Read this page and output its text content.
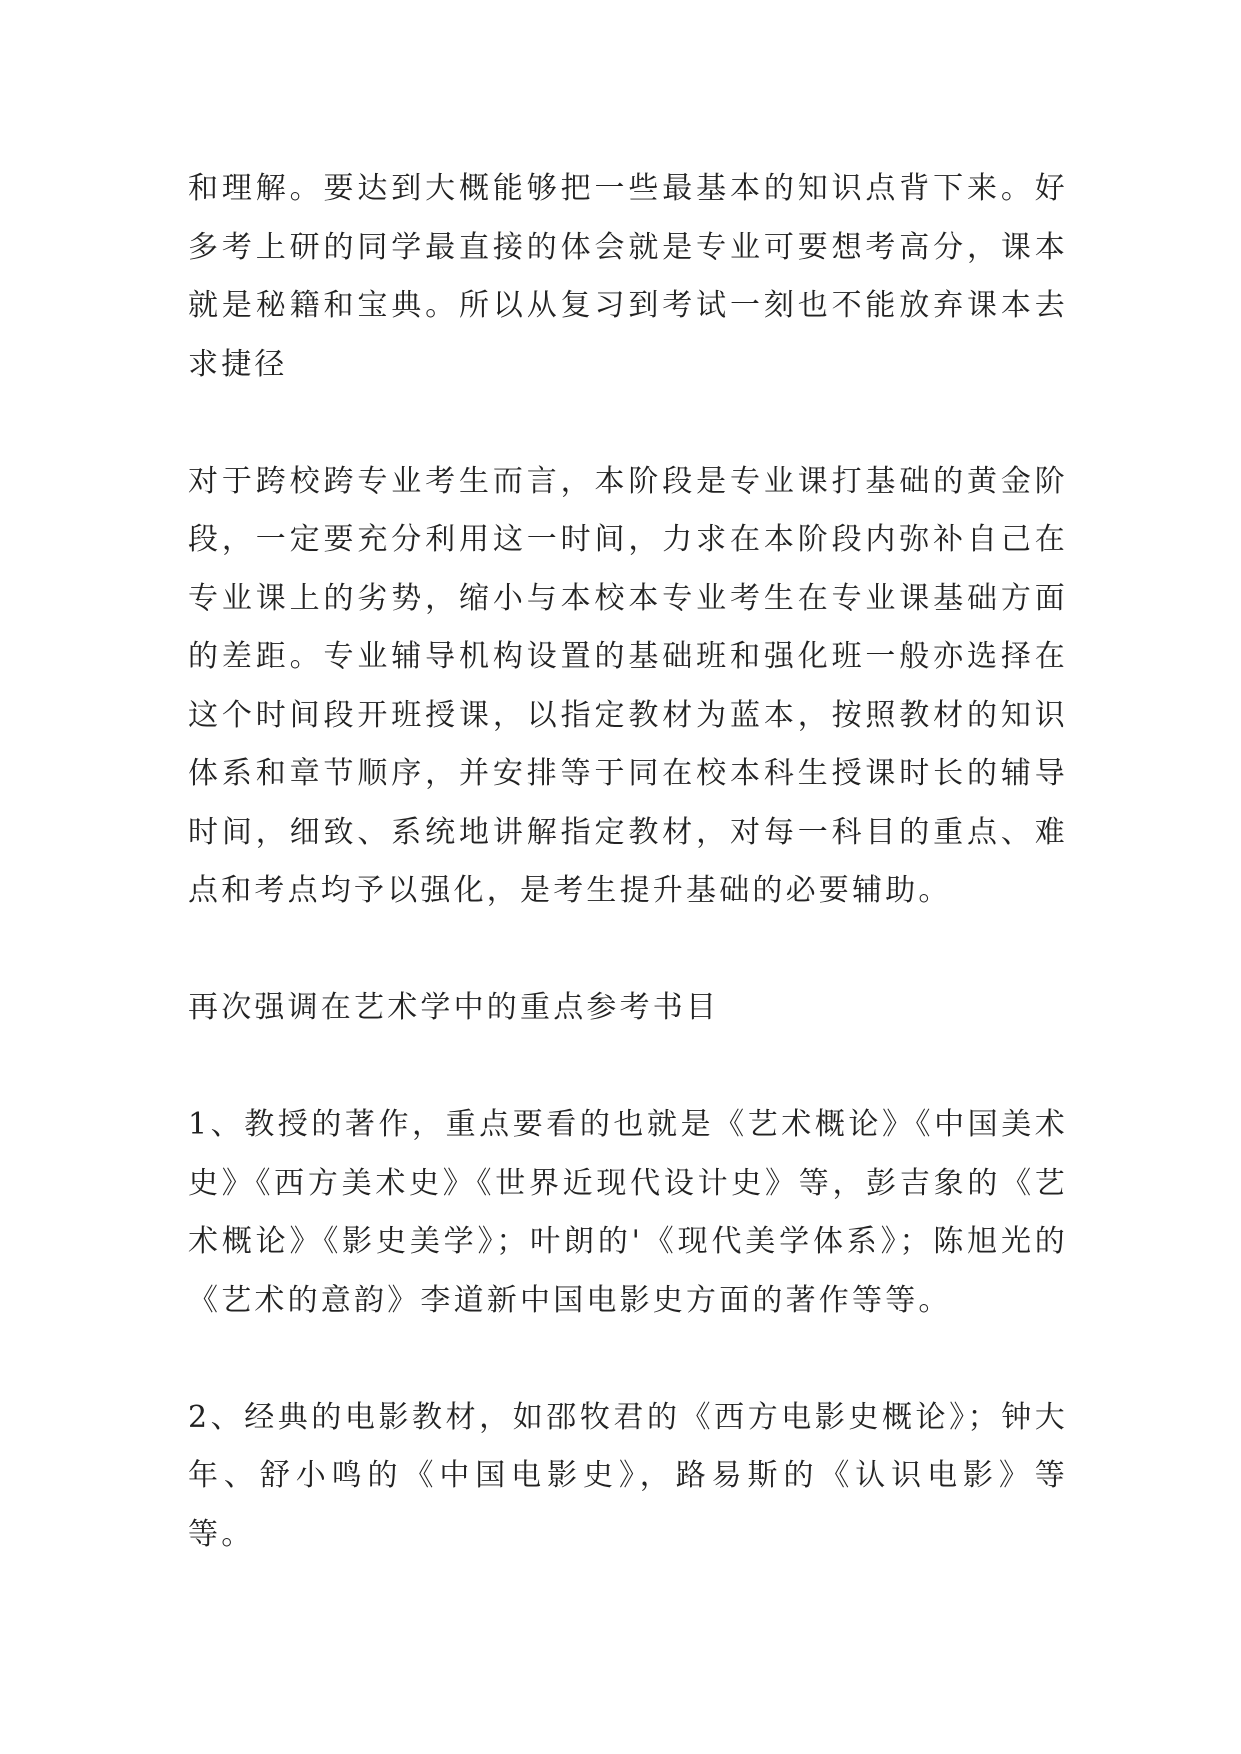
和理解。要达到大概能够把一些最基本的知识点背下来。好多考上研的同学最直接的体会就是专业可要想考高分，课本就是秘籍和宝典。所以从复习到考试一刻也不能放弃课本去求捷径

对于跨校跨专业考生而言，本阶段是专业课打基础的黄金阶段，一定要充分利用这一时间，力求在本阶段内弥补自己在专业课上的劣势，缩小与本校本专业考生在专业课基础方面的差距。专业辅导机构设置的基础班和强化班一般亦选择在这个时间段开班授课，以指定教材为蓝本，按照教材的知识体系和章节顺序，并安排等于同在校本科生授课时长的辅导时间，细致、系统地讲解指定教材，对每一科目的重点、难点和考点均予以强化，是考生提升基础的必要辅助。

再次强调在艺术学中的重点参考书目

1、教授的著作，重点要看的也就是《艺术概论》《中国美术史》《西方美术史》《世界近现代设计史》等，彭吉象的《艺术概论》《影史美学》；叶朗的'《现代美学体系》；陈旭光的《艺术的意韵》李道新中国电影史方面的著作等等。

2、经典的电影教材，如邵牧君的《西方电影史概论》；钟大年、舒小鸣的《中国电影史》，路易斯的《认识电影》等等。
